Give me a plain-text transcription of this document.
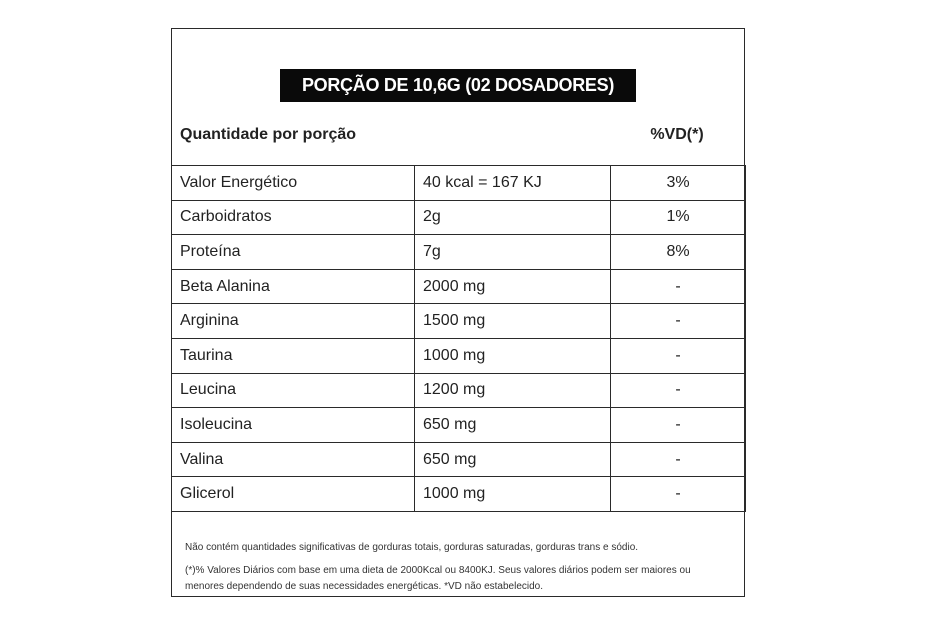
PORÇÃO DE 10,6G (02 DOSADORES)
Quantidade por porção	%VD(*)
Valor Energético	40 kcal = 167 KJ	3%
Carboidratos	2g	1%
Proteína	7g	8%
Beta Alanina	2000 mg	-
Arginina	1500 mg	-
Taurina	1000 mg	-
Leucina	1200 mg	-
Isoleucina	650 mg	-
Valina	650 mg	-
Glicerol	1000 mg	-
Não contém quantidades significativas de gorduras totais, gorduras saturadas, gorduras trans e sódio.
(*)% Valores Diários com base em uma dieta de 2000Kcal ou 8400KJ. Seus valores diários podem ser maiores ou menores dependendo de suas necessidades energéticas. *VD não estabelecido.
